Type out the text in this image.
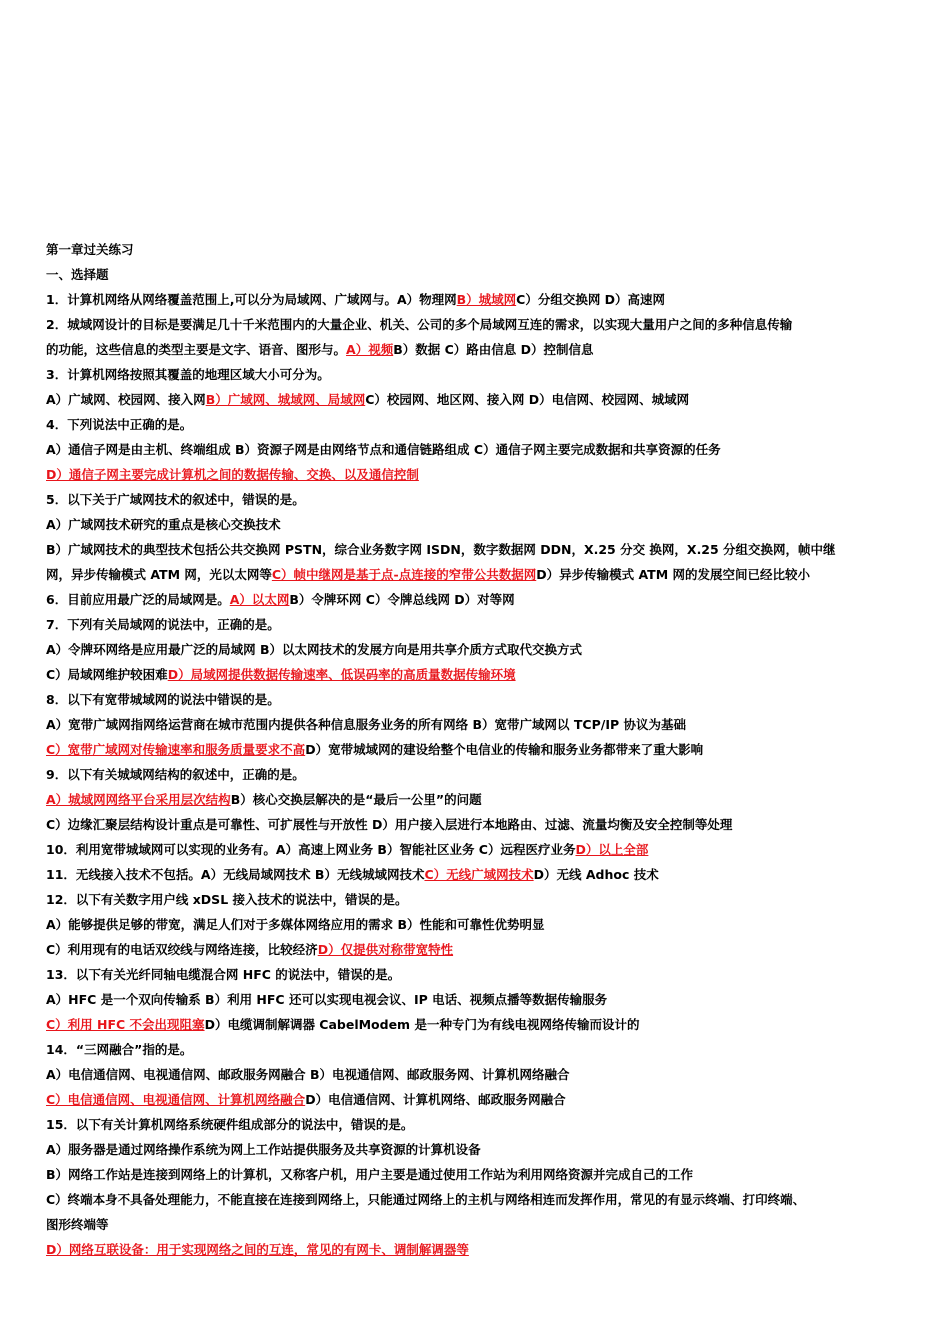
第一章过关练习
一、选择题
1．计算机网络从网络覆盖范围上,可以分为局域网、广域网与。A）物理网B）城域网C）分组交换网 D）高速网
2．城域网设计的目标是要满足几十千米范围内的大量企业、机关、公司的多个局域网互连的需求，以实现大量用户之间的多种信息传输
的功能，这些信息的类型主要是文字、语音、图形与。A）视频B）数据 C）路由信息 D）控制信息
3．计算机网络按照其覆盖的地理区域大小可分为。
A）广域网、校园网、接入网B）广域网、城域网、局域网C）校园网、地区网、接入网 D）电信网、校园网、城域网
4．下列说法中正确的是。
A）通信子网是由主机、终端组成 B）资源子网是由网络节点和通信链路组成 C）通信子网主要完成数据和共享资源的任务
D）通信子网主要完成计算机之间的数据传输、交换、以及通信控制
5．以下关于广域网技术的叙述中，错误的是。
A）广域网技术研究的重点是核心交换技术
B）广域网技术的典型技术包括公共交换网 PSTN，综合业务数字网 ISDN，数字数据网 DDN，X.25 分交 换网，X.25 分组交换网，帧中继
网，异步传输模式 ATM 网，光以太网等C）帧中继网是基于点-点连接的窄带公共数据网D）异步传输模式 ATM 网的发展空间已经比较小
6．目前应用最广泛的局域网是。A）以太网B）令牌环网 C）令牌总线网 D）对等网
7．下列有关局域网的说法中，正确的是。
A）令牌环网络是应用最广泛的局域网 B）以太网技术的发展方向是用共享介质方式取代交换方式
C）局域网维护较困难D）局域网提供数据传输速率、低误码率的高质量数据传输环境
8．以下有宽带城域网的说法中错误的是。
A）宽带广域网指网络运营商在城市范围内提供各种信息服务业务的所有网络 B）宽带广域网以 TCP/IP 协议为基础
C）宽带广域网对传输速率和服务质量要求不高D）宽带城域网的建设给整个电信业的传输和服务业务都带来了重大影响
9．以下有关城域网结构的叙述中，正确的是。
A）城域网网络平台采用层次结构B）核心交换层解决的是“最后一公里”的问题
C）边缘汇聚层结构设计重点是可靠性、可扩展性与开放性 D）用户接入层进行本地路由、过滤、流量均衡及安全控制等处理
10．利用宽带城域网可以实现的业务有。A）高速上网业务 B）智能社区业务 C）远程医疗业务D）以上全部
11．无线接入技术不包括。A）无线局域网技术 B）无线城域网技术C）无线广域网技术D）无线 Adhoc 技术
12．以下有关数字用户线 xDSL 接入技术的说法中，错误的是。
A）能够提供足够的带宽，满足人们对于多媒体网络应用的需求 B）性能和可靠性优势明显
C）利用现有的电话双绞线与网络连接，比较经济D）仅提供对称带宽特性
13．以下有关光纤同轴电缆混合网 HFC 的说法中，错误的是。
A）HFC 是一个双向传输系 B）利用 HFC 还可以实现电视会议、IP 电话、视频点播等数据传输服务
C）利用 HFC 不会出现阻塞D）电缆调制解调器 CabelModem 是一种专门为有线电视网络传输而设计的
14．“三网融合”指的是。
A）电信通信网、电视通信网、邮政服务网融合 B）电视通信网、邮政服务网、计算机网络融合
C）电信通信网、电视通信网、计算机网络融合D）电信通信网、计算机网络、邮政服务网融合
15．以下有关计算机网络系统硬件组成部分的说法中，错误的是。
A）服务器是通过网络操作系统为网上工作站提供服务及共享资源的计算机设备
B）网络工作站是连接到网络上的计算机，又称客户机，用户主要是通过使用工作站为利用网络资源并完成自己的工作
C）终端本身不具备处理能力，不能直接在连接到网络上，只能通过网络上的主机与网络相连而发挥作用，常见的有显示终端、打印终端、
图形终端等
D）网络互联设备：用于实现网络之间的互连，常见的有网卡、调制解调器等
